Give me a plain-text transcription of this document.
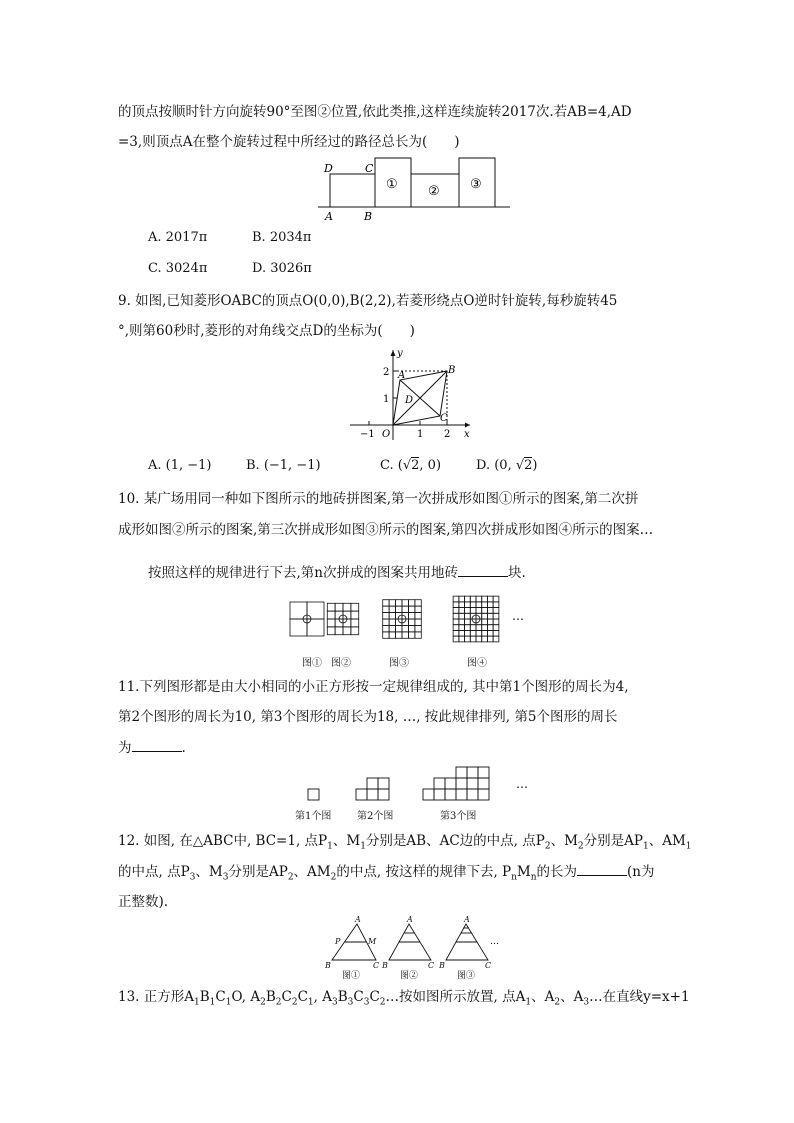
的顶点按顺时针方向旋转90°至图②位置,依此类推,这样连续旋转2017次.若AB=4,AD
=3,则顶点A在整个旋转过程中所经过的路径总长为(　　)
D	C
A	B
① ② ③
A. 2017π	B. 2034π
C. 3024π	D. 3026π
9. 如图,已知菱形OABC的顶点O(0,0),B(2,2),若菱形绕点O逆时针旋转,每秒旋转45
°,则第60秒时,菱形的对角线交点D的坐标为(　　)
y
x
2
1
−1 O	1 2
A	B
C
D
A. (1, −1)	B. (−1, −1)	C. (√2, 0)	D. (0, √2)
10. 某广场用同一种如下图所示的地砖拼图案,第一次拼成形如图①所示的图案,第二次拼
成形如图②所示的图案,第三次拼成形如图③所示的图案,第四次拼成形如图④所示的图案…
按照这样的规律进行下去,第n次拼成的图案共用地砖	块.
…
图① 图②	图③	图④
11.下列图形都是由大小相同的小正方形按一定规律组成的, 其中第1个图形的周长为4,
第2个图形的周长为10, 第3个图形的周长为18, …, 按此规律排列, 第5个图形的周长
为	.
…
第1个图	第2个图	第3个图
12. 如图, 在△ABC中, BC=1, 点$P_1$、$M_1$分别是AB、AC边的中点, 点$P_2$、$M_2$分别是$AP_1$、$AM_1$
的中点, 点$P_3$、$M_3$分别是$AP_2$、$AM_2$的中点, 按这样的规律下去, $P_nM_n$的长为	(n为
正整数).
A
P	M
B	C
A
B	C
A
B	C
…
图①	图②	图③
13. 正方形$A_1B_1C_1O$, $A_2B_2C_2C_1$, $A_3B_3C_3C_2\dots$按如图所示放置, 点$A_1$、$A_2$、$A_3\dots$在直线y=x+1
